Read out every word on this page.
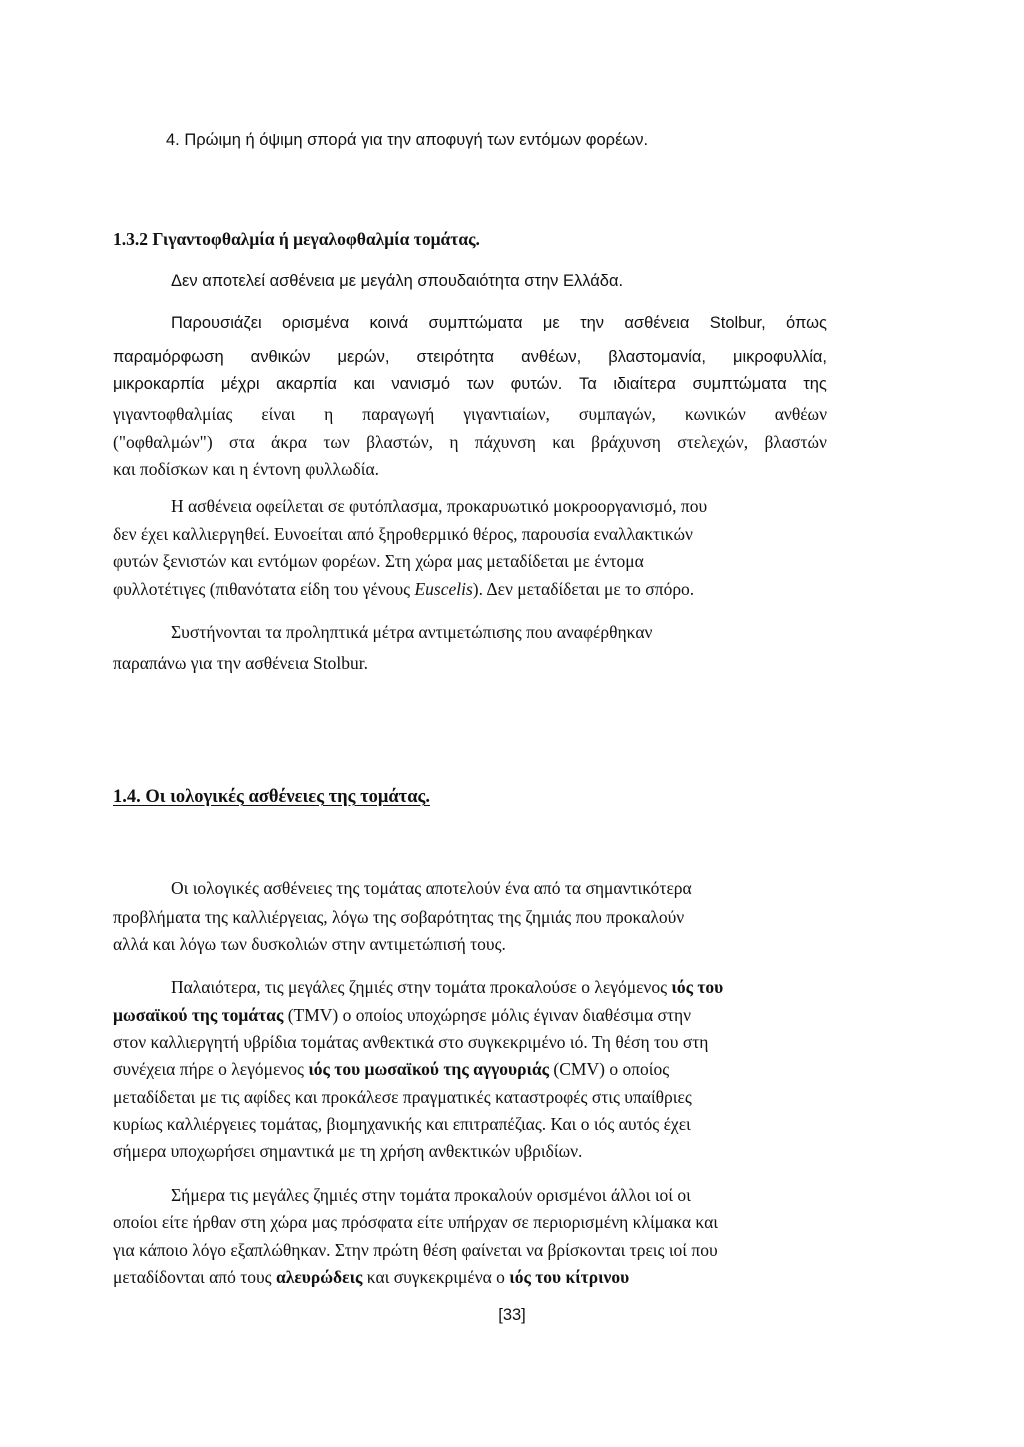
4. Πρώιμη ή όψιμη σπορά για την αποφυγή των εντόμων φορέων.
1.3.2 Γιγαντοφθαλμία ή μεγαλοφθαλμία τομάτας.
Δεν αποτελεί ασθένεια με μεγάλη σπουδαιότητα στην Ελλάδα.
Παρουσιάζει ορισμένα κοινά συμπτώματα με την ασθένεια Stolbur, όπως
παραμόρφωση ανθικών μερών, στειρότητα ανθέων, βλαστομανία, μικροφυλλία,
μικροκαρπία μέχρι ακαρπία και νανισμό των φυτών. Τα ιδιαίτερα συμπτώματα της
γιγαντοφθαλμίας είναι η παραγωγή γιγαντιαίων, συμπαγών, κωνικών ανθέων
("οφθαλμών") στα άκρα των βλαστών, η πάχυνση και βράχυνση στελεχών, βλαστών
και ποδίσκων και η έντονη φυλλωδία.
Η ασθένεια οφείλεται σε φυτόπλασμα, προκαρυωτικό μοκροοργανισμό, που
δεν έχει καλλιεργηθεί. Ευνοείται από ξηροθερμικό θέρος, παρουσία εναλλακτικών
φυτών ξενιστών και εντόμων φορέων. Στη χώρα μας μεταδίδεται με έντομα
φυλλοτέτιγες (πιθανότατα είδη του γένους Euscelis). Δεν μεταδίδεται με το σπόρο.
Συστήνονται τα προληπτικά μέτρα αντιμετώπισης που αναφέρθηκαν
παραπάνω για την ασθένεια Stolbur.
1.4. Οι ιολογικές ασθένειες της τομάτας.
Οι ιολογικές ασθένειες της τομάτας αποτελούν ένα από τα σημαντικότερα
προβλήματα της καλλιέργειας, λόγω της σοβαρότητας της ζημιάς που προκαλούν
αλλά και λόγω των δυσκολιών στην αντιμετώπισή τους.
Παλαιότερα, τις μεγάλες ζημιές στην τομάτα προκαλούσε ο λεγόμενος ιός του
μωσαϊκού της τομάτας (TMV) ο οποίος υποχώρησε μόλις έγιναν διαθέσιμα στην
στον καλλιεργητή υβρίδια τομάτας ανθεκτικά στο συγκεκριμένο ιό. Τη θέση του στη
συνέχεια πήρε ο λεγόμενος ιός του μωσαϊκού της αγγουριάς (CMV) ο οποίος
μεταδίδεται με τις αφίδες και προκάλεσε πραγματικές καταστροφές στις υπαίθριες
κυρίως καλλιέργειες τομάτας, βιομηχανικής και επιτραπέζιας. Και ο ιός αυτός έχει
σήμερα υποχωρήσει σημαντικά με τη χρήση ανθεκτικών υβριδίων.
Σήμερα τις μεγάλες ζημιές στην τομάτα προκαλούν ορισμένοι άλλοι ιοί οι
οποίοι είτε ήρθαν στη χώρα μας πρόσφατα είτε υπήρχαν σε περιορισμένη κλίμακα και
για κάποιο λόγο εξαπλώθηκαν. Στην πρώτη θέση φαίνεται να βρίσκονται τρεις ιοί που
μεταδίδονται από τους αλευρώδεις και συγκεκριμένα ο ιός του κίτρινου
[33]
